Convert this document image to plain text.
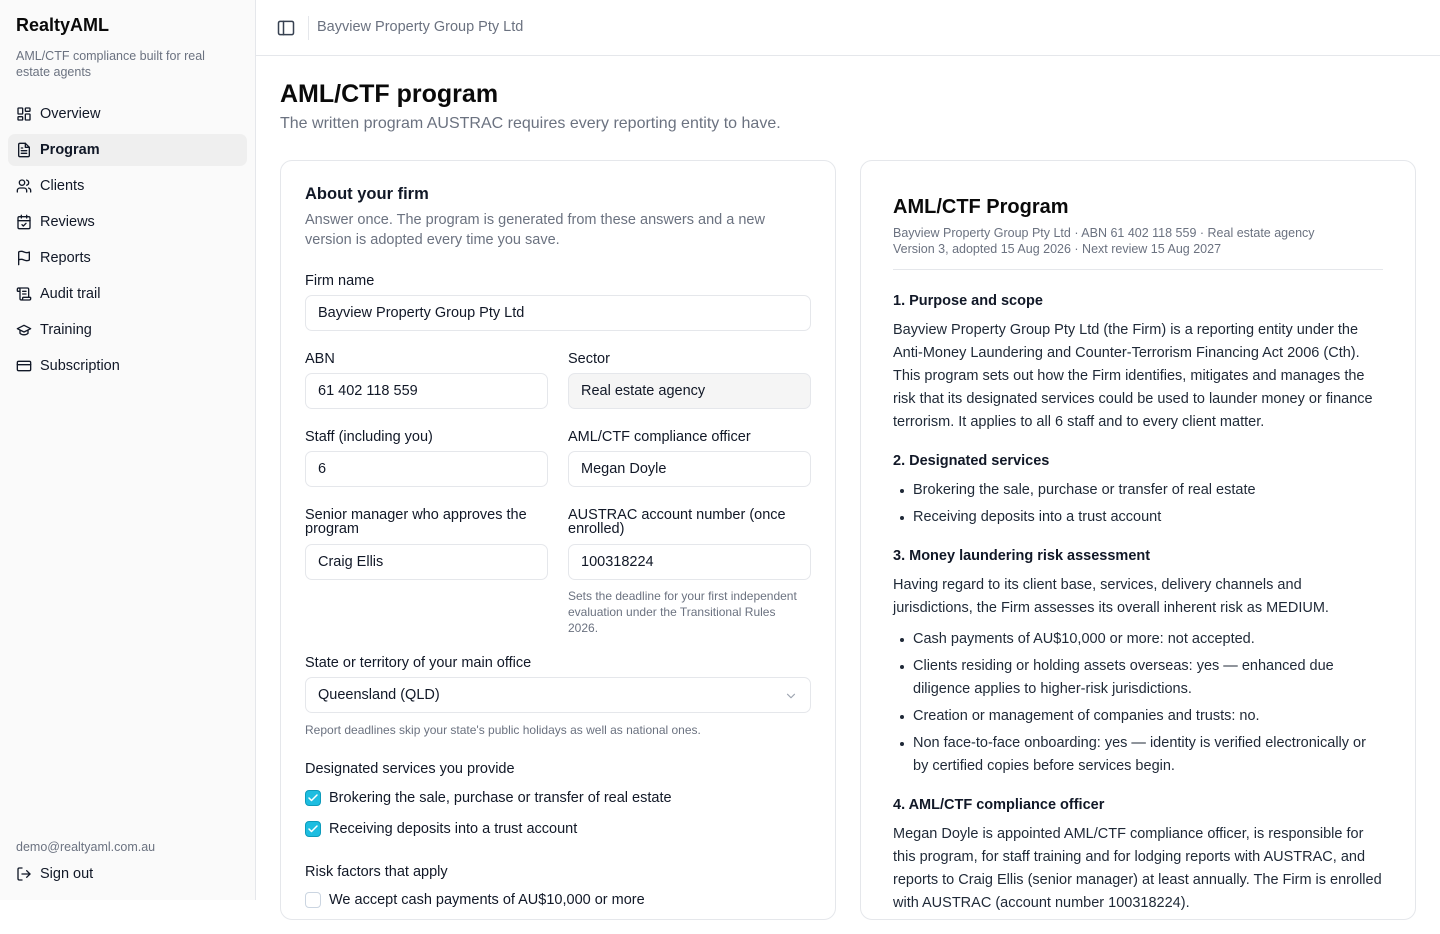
RealtyAML
AML/CTF compliance built for real estate agents
Overview
Program
Clients
Reviews
Reports
Audit trail
Training
Subscription
demo@realtyaml.com.au
Sign out
Bayview Property Group Pty Ltd
AML/CTF program

The written program AUSTRAC requires every reporting entity to have.

About your firm
Answer once. The program is generated from these answers and a new version is adopted every time you save.
Firm name
Bayview Property Group Pty Ltd
ABN
61 402 118 559
Sector
Real estate agency
Staff (including you)
6
AML/CTF compliance officer
Megan Doyle
Senior manager who approves the program
Craig Ellis
AUSTRAC account number (once enrolled)
100318224
Sets the deadline for your first independent evaluation under the Transitional Rules 2026.
State or territory of your main office
Queensland (QLD)
Report deadlines skip your state's public holidays as well as national ones.
Designated services you provide
Brokering the sale, purchase or transfer of real estate
Receiving deposits into a trust account
Risk factors that apply
We accept cash payments of AU$10,000 or more
AML/CTF Program
Bayview Property Group Pty Ltd · ABN 61 402 118 559 · Real estate agency
Version 3, adopted 15 Aug 2026 · Next review 15 Aug 2027
1. Purpose and scope
Bayview Property Group Pty Ltd (the Firm) is a reporting entity under the Anti-Money Laundering and Counter-Terrorism Financing Act 2006 (Cth). This program sets out how the Firm identifies, mitigates and manages the risk that its designated services could be used to launder money or finance terrorism. It applies to all 6 staff and to every client matter.
2. Designated services
Brokering the sale, purchase or transfer of real estate
Receiving deposits into a trust account
3. Money laundering risk assessment
Having regard to its client base, services, delivery channels and jurisdictions, the Firm assesses its overall inherent risk as MEDIUM.
Cash payments of AU$10,000 or more: not accepted.
Clients residing or holding assets overseas: yes — enhanced due diligence applies to higher-risk jurisdictions.
Creation or management of companies and trusts: no.
Non face-to-face onboarding: yes — identity is verified electronically or by certified copies before services begin.
4. AML/CTF compliance officer
Megan Doyle is appointed AML/CTF compliance officer, is responsible for this program, for staff training and for lodging reports with AUSTRAC, and reports to Craig Ellis (senior manager) at least annually. The Firm is enrolled with AUSTRAC (account number 100318224).
